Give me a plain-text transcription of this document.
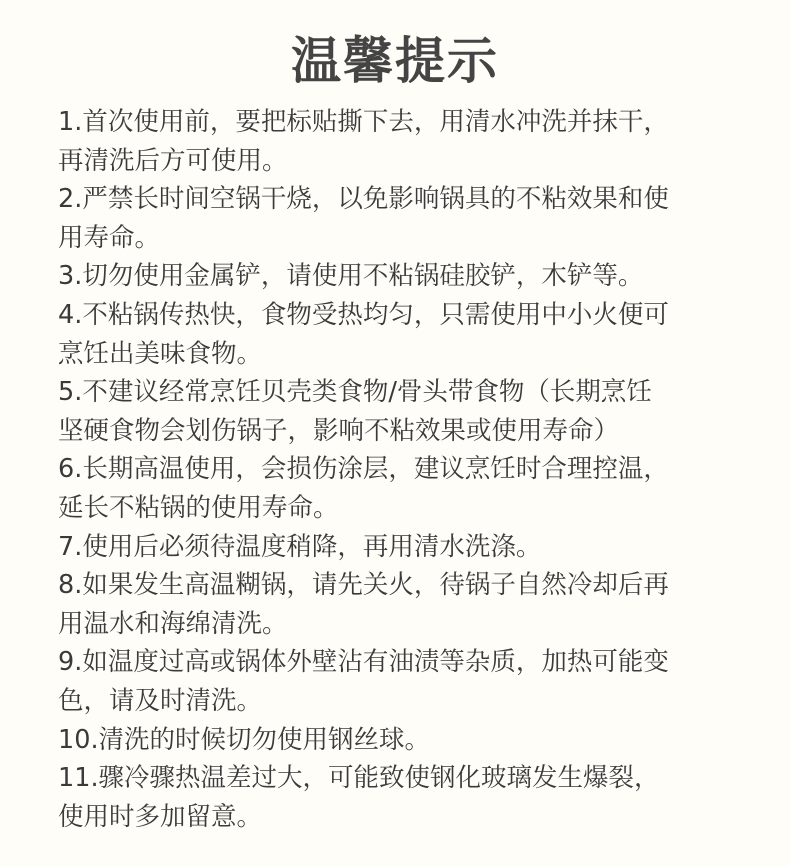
温馨提示
1.首次使用前，要把标贴撕下去，用清水冲洗并抹干，
再清洗后方可使用。
2.严禁长时间空锅干烧，以免影响锅具的不粘效果和使
用寿命。
3.切勿使用金属铲，请使用不粘锅硅胶铲，木铲等。
4.不粘锅传热快，食物受热均匀，只需使用中小火便可
烹饪出美味食物。
5.不建议经常烹饪贝壳类食物/骨头带食物（长期烹饪
坚硬食物会划伤锅子，影响不粘效果或使用寿命）
6.长期高温使用，会损伤涂层，建议烹饪时合理控温，
延长不粘锅的使用寿命。
7.使用后必须待温度稍降，再用清水洗涤。
8.如果发生高温糊锅，请先关火，待锅子自然冷却后再
用温水和海绵清洗。
9.如温度过高或锅体外壁沾有油渍等杂质，加热可能变
色，请及时清洗。
10.清洗的时候切勿使用钢丝球。
11.骤冷骤热温差过大，可能致使钢化玻璃发生爆裂，
使用时多加留意。
